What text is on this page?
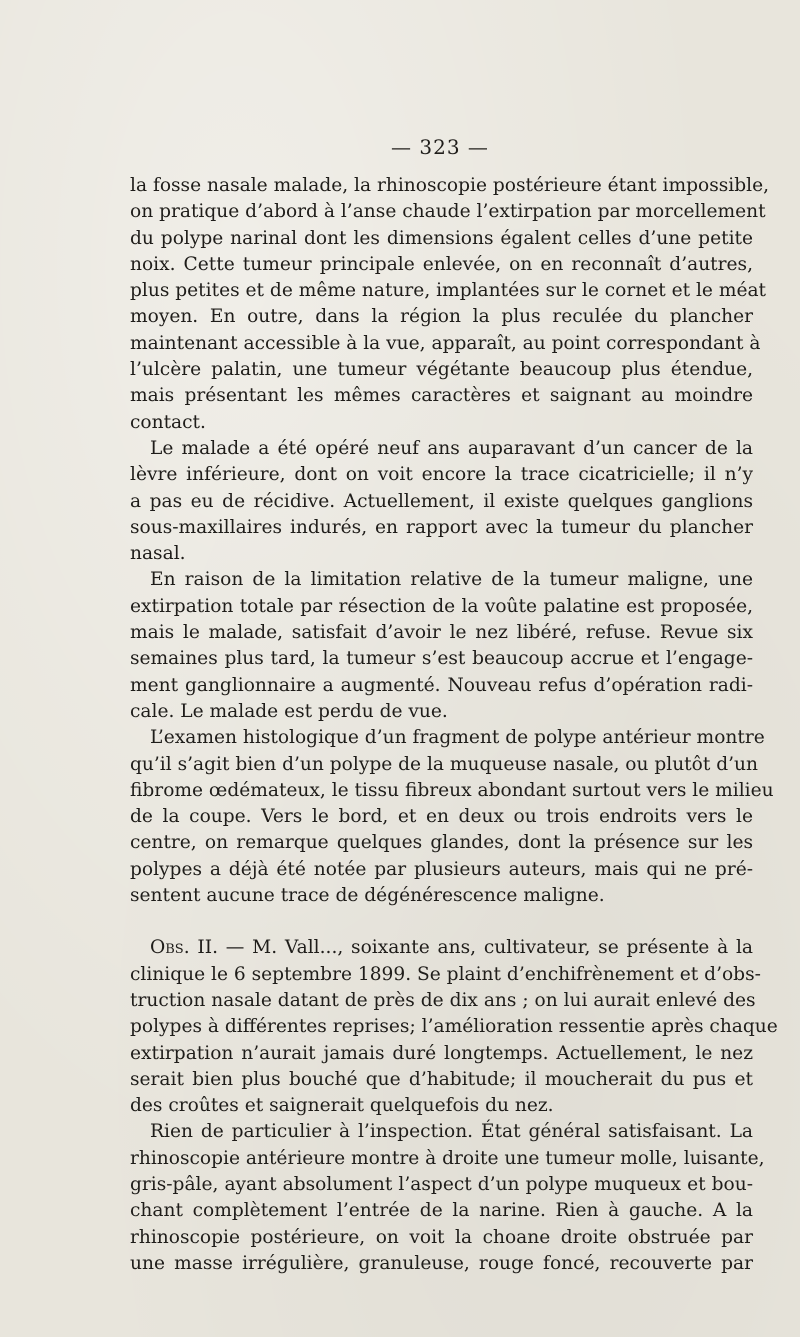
— 323 —
la fosse nasale malade, la rhinoscopie postérieure étant impossible,
on pratique d’abord à l’anse chaude l’extirpation par morcellement
du polype narinal dont les dimensions égalent celles d’une petite
noix. Cette tumeur principale enlevée, on en reconnaît d’autres,
plus petites et de même nature, implantées sur le cornet et le méat
moyen. En outre, dans la région la plus reculée du plancher
maintenant accessible à la vue, apparaît, au point correspondant à
l’ulcère palatin, une tumeur végétante beaucoup plus étendue,
mais présentant les mêmes caractères et saignant au moindre
contact.
Le malade a été opéré neuf ans auparavant d’un cancer de la
lèvre inférieure, dont on voit encore la trace cicatricielle; il n’y
a pas eu de récidive. Actuellement, il existe quelques ganglions
sous-maxillaires indurés, en rapport avec la tumeur du plancher
nasal.
En raison de la limitation relative de la tumeur maligne, une
extirpation totale par résection de la voûte palatine est proposée,
mais le malade, satisfait d’avoir le nez libéré, refuse. Revue six
semaines plus tard, la tumeur s’est beaucoup accrue et l’engage-
ment ganglionnaire a augmenté. Nouveau refus d’opération radi-
cale. Le malade est perdu de vue.
L’examen histologique d’un fragment de polype antérieur montre
qu’il s’agit bien d’un polype de la muqueuse nasale, ou plutôt d’un
fibrome œdémateux, le tissu fibreux abondant surtout vers le milieu
de la coupe. Vers le bord, et en deux ou trois endroits vers le
centre, on remarque quelques glandes, dont la présence sur les
polypes a déjà été notée par plusieurs auteurs, mais qui ne pré-
sentent aucune trace de dégénérescence maligne.
Obs. II. — M. Vall..., soixante ans, cultivateur, se présente à la
clinique le 6 septembre 1899. Se plaint d’enchifrènement et d’obs-
truction nasale datant de près de dix ans ; on lui aurait enlevé des
polypes à différentes reprises; l’amélioration ressentie après chaque
extirpation n’aurait jamais duré longtemps. Actuellement, le nez
serait bien plus bouché que d’habitude; il moucherait du pus et
des croûtes et saignerait quelquefois du nez.
Rien de particulier à l’inspection. État général satisfaisant. La
rhinoscopie antérieure montre à droite une tumeur molle, luisante,
gris-pâle, ayant absolument l’aspect d’un polype muqueux et bou-
chant complètement l’entrée de la narine. Rien à gauche. A la
rhinoscopie postérieure, on voit la choane droite obstruée par
une masse irrégulière, granuleuse, rouge foncé, recouverte par
